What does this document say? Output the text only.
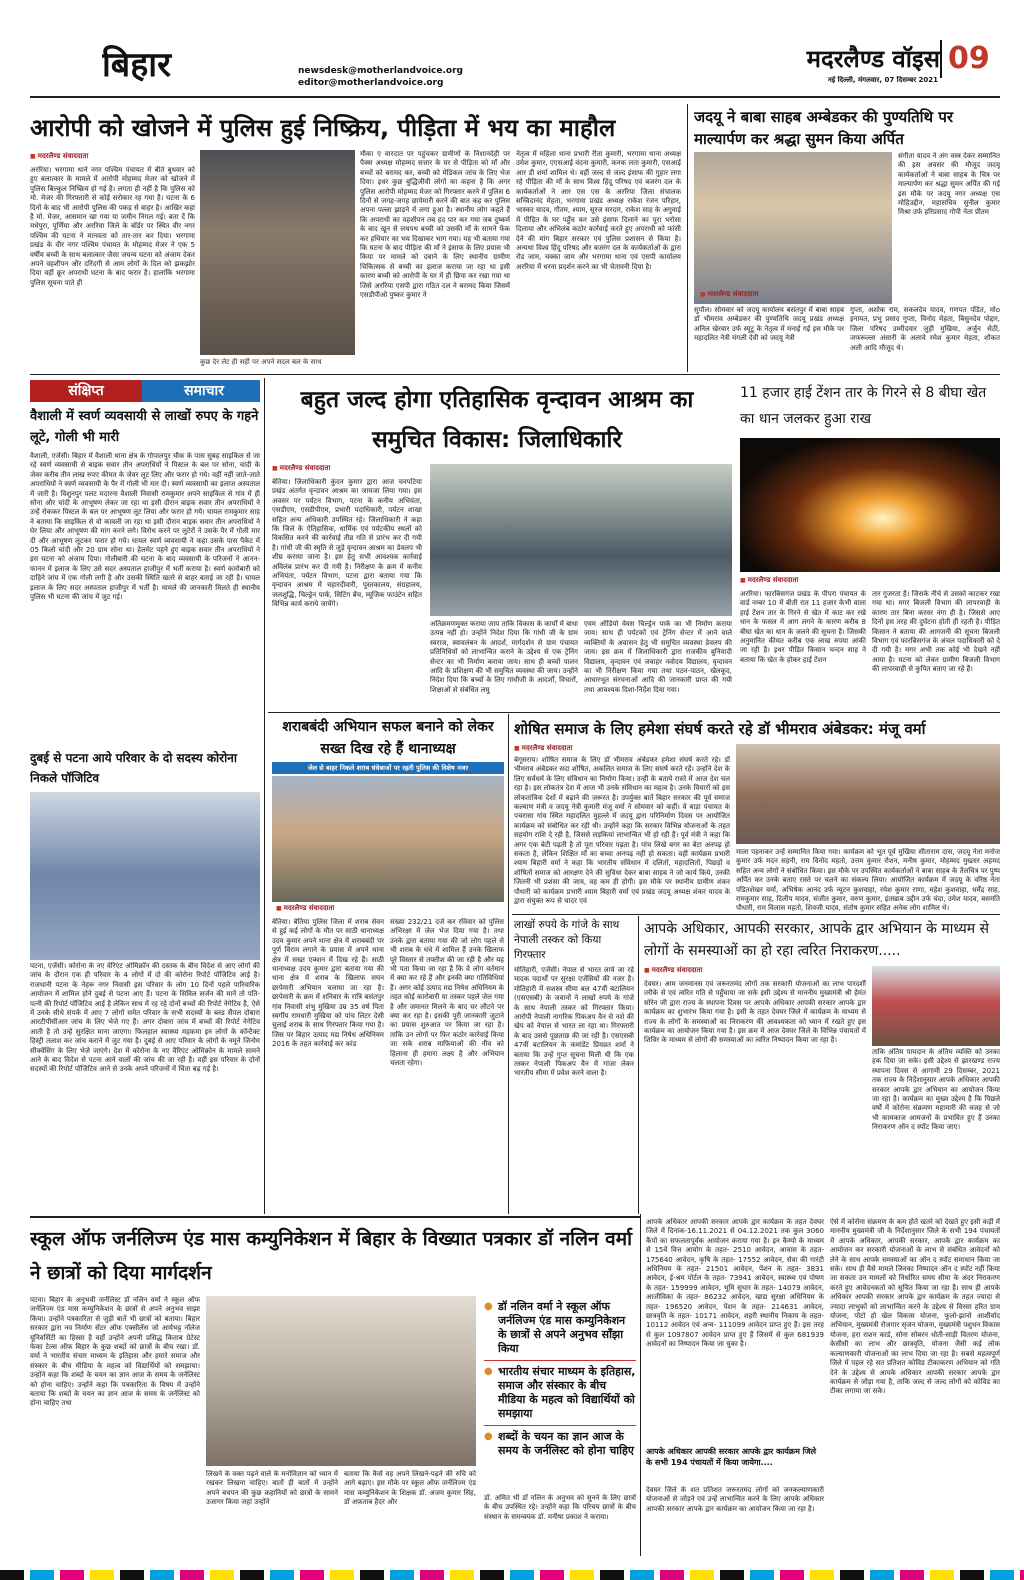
बिहार	newsdesk@motherlandvoice.org
editor@motherlandvoice.org
मदरलैण्ड वॉइस 09
नई दिल्ली, मंगलवार, 07 दिसम्बर 2021
आरोपी को खोजने में पुलिस हुई निष्क्रिय, पीड़िता में भय का माहौल
■ मदरलैण्ड संवाददाता
अररिया। भरगामा थाने नगर पश्चिम पंचायत में बीते बुधवार को हुए बलात्कार के मामले में आरोपी मोहम्मद मेजर को खोजने में पुलिस बिल्कुल निष्क्रिय हो गई है। लगता ही नहीं है कि पुलिस को मो. मेजर की गिरफ्तारी से कोई सरोकार रह गया है। घटना के 6 दिनों के बाद भी आरोपी पुलिस की पकड़ से बाहर है। आखिर कहां है मो. मेजर, आसमान खा गया या जमीन निगल गई। बता दें कि मधेपुरा, पूर्णिया और अररिया जिले के बॉर्डर पर स्थित वीर नगर पश्चिम की घटना ने मानवता को तार-तार कर दिया। भरगामा प्रखंड के वीर नगर पश्चिम पंचायत के मोहम्मद मेजर ने एक 5 वर्षीय बच्ची के साथ बलात्कार जैसा जघन्य घटना को अंजाम देकर अपने वहशीपन और दरिंदगी से आम लोगों के दिल को झकझोर दिया वहीं क्रूर अपराधी घटना के बाद फरार है। हालांकि भरगामा पुलिस सूचना पाते ही
कुछ देर लेट ही सही पर अपने सदल बल के साथ
मौका ए वारदात पर पहुंचकर ग्रामीणों के निशानदेही पर पैक्स अध्यक्ष मोहम्मद सत्तार के घर से पीड़िता को माँ और बच्चों को बरामद कर, बच्ची को मेडिकल जांच के लिए भेज दिया। इधर कुछ बुद्धिजीवी लोगों का कहना है कि अगर पुलिस आरोपी मोहम्मद मेजर को गिरफ्तार करने में पुलिस 6 दिनों से जगह-जगह छापेमारी करने की बात कह कर पुलिस अपना पल्ला झाड़ने में लगा हुआ है। स्थानीय लोग कहते हैं कि अपराधी का वहशीपन तब हद पार कर गया जब दुष्कर्म के बाद खून से लथपथ बच्ची को उसकी माँ के सामने फेंक कर हथियार का भय दिखाकर भाग गया। यह भी बताया गया कि घटना के बाद पीड़िता की माँ ने इंसाफ के लिए प्रयास भी किया पर मामले को दबाने के लिए स्थानीय ग्रामीण चिकित्सक से बच्ची का इलाज कराया जा रहा था इसी कारण बच्ची को आरोपी के घर में ही छिपा कर रखा गया था जिसे अररिया एसपी द्वारा गठित दल ने बरामद किया जिसमें एसडीपीओ पुष्कर कुमार ने
नेतृत्व में महिला थाना प्रभारी रीता कुमारी, भरगामा थाना अध्यक्ष उमेश कुमार, एएसआई वंदना कुमारी, कनक लता कुमारी, एसआई आर डी शर्मा शामिल थे। वहीं जल्द से जल्द इंसाफ की गुहार लगा रहे पीड़िता की माँ के साथ विश्व हिंदू परिषद एवं बजरंग दल के कार्यकर्ताओं ने आर एस एस के अररिया जिला संचालक सच्चिदानंद मेहता, भरगामा प्रखंड अध्यक्ष राकेश रंजन परिहार, भास्कर यादव, गौतम, श्याम, सूरज सरदार, राकेश साह के अगुवाई में पीड़ित के घर पहुँच कर उसे इंसाफ दिलाने का पूरा भरोसा दिलाया और अभिलंब कठोर कार्रवाई करते हुए अपराधी को फांसी देने की मांग बिहार सरकार एवं पुलिस प्रशासन से किया है। अन्यथा विश्व हिंदू परिषद और बजरंग दल के कार्यकर्ताओं के द्वारा रोड जाम, चक्का जाम और भरगामा थाना एवं एसपी कार्यालय अररिया में धरना प्रदर्शन करने का भी चेतावनी दिया है।
जदयू ने बाबा साहब अम्बेडकर की पुण्यतिथि पर माल्यार्पण कर श्रद्धा सुमन किया अर्पित
■ मदरलैण्ड संवाददाता
संगीता यादव ने अंग वस्त्र देकर सम्मानित की इस अवसर की मौजूद जदयू कार्यकर्ताओं ने बाबा साहब के चित्र पर माल्यार्पण कर श्रद्धा सुमन अर्पित की गई इस मौके पर जदयू नगर अध्यक्ष एस मोहिउद्दीन, महासचिव सुनील कुमार मिश्रा उर्फ हरिप्रसाद गोपी नेता प्रीतम
सुपौल। सोमवार को जदयू कार्यालय बसंतपुर में बाबा साहब डॉ भीमराव अम्बेडकर की पुण्यतिथि जदयू प्रखंड अध्यक्ष अनिल खेरवार उर्फ स्मूटू के नेतृत्व में मनाई गई इस मौके पर महादलित नेत्री मंगली देवी को जदयू नेत्री
गुप्ता, अशोक राम, सकलदेव यादव, गणपत पंडित, मोo इनायत, प्रभु प्रसाद गुप्ता, विनोद मेहता, बिसुनदेव पोद्दार, जिला परिषद उम्मीदवार जुही मुखिया, अर्जुन सेठी, जफरूल्ला अंसारी के अलावे रमेश कुमार मेहता, शौकत अली आदि मौजूद थे।
संक्षिप्त	समाचार
वैशाली में स्वर्ण व्यवसायी से लाखों रुपए के गहने लूटे, गोली भी मारी
वैशाली, एजेंसी। बिहार में वैशाली थाना क्षेत्र के गोपालपुर चौक के पास सुबह साइकिल से जा रहे स्वर्ण व्यवसायी से बाइक सवार तीन अपराधियों ने पिस्टल के बल पर सोना, चांदी के जेवर करीब तीन लाख रुपए कीमत के जेवर लूट लिए और फरार हो गये। वहीं नहीं जाते-जाते अपराधियों ने स्वर्ण व्यवसायी के पैर में गोली भी मार दी। स्वर्ण व्यवसायी का इलाज अस्पताल में जारी है। विशुनपुर पलट मदारना वैशाली निवासी रामकुमार अपने साइकिल से गांव में ही सोना और चांदी के आभूषण लेकर जा रहा था इसी दौरान बाइक सवार तीन अपराधियों ने उन्हें रोककर पिस्टल के बल पर आभूषण लूट लिया और फरार हो गये। घायल रामकुमार साह ने बताया कि साइकिल से वो कावली जा रहा था इसी दौरान बाइक सवार तीन अपराधियों ने घेर लिया और आभूषण की मांग करने लगे। विरोध करने पर लुटेरों ने उसके पैर में गोली मार दी और आभूषण लूटकर फरार हो गये। घायल स्वर्ण व्यवसायी ने कहा उसके पास पैकेट में 05 किलो चांदी और 20 ग्राम सोना था। हेलमेट पहने हुए बाइक सवार तीन अपराधियों ने इस घटना को अंजाम दिया। गोलीबारी की घटना के बाद व्यवसायी के परिजनों ने आनन-फानन में इलाज के लिए उसे सदर अस्पताल हाजीपुर में भर्ती कराया है। स्वर्ण कारोबारी को दाहिने जांघ में एक गोली लगी है और उसकी स्थिति खतरे से बाहर बताई जा रही है। घायल इलाज के लिए सदर अस्पताल हाजीपुर में भर्ती है। मामले की जानकारी मिलते ही स्थानीय पुलिस भी घटना की जांच में जुट गई।
दुबई से पटना आये परिवार के दो सदस्य कोरोना निकले पॉजिटिव
पटना, एजेंसी। कोरोना के नए वेरिएंट ओमिक्रॉन की दस्तक के बीच विदेश से आए लोगों की जांच के दौरान एक ही परिवार के 4 लोगों में दो की कोरोना रिपोर्ट पॉजिटिव आई है। राजधानी पटना के नेहरू नगर निवासी इस परिवार के लोग 10 दिनों पहले पारिवारिक आयोजन में शामिल होने दुबई से पटना आए हैं। पटना के सिविल सर्जन की मानें तो पति-पत्नी की रिपोर्ट पॉजिटिव आई है लेकिन साथ में रह रहे दोनों बच्चों की रिपोर्ट नेगेटिव है, ऐसे में उनके सीधे संपर्क में आए 7 लोगों समेत परिवार के सभी सदस्यों के ब्लड सैंपल दोबारा आरटीपीसीआर जांच के लिए भेजे गए हैं। अगर दोबारा जांच में बच्चों की रिपोर्ट नेगेटिव आती है तो उन्हें सुरक्षित माना जाएगा। फिलहाल स्वास्थ्य महकमा इन लोगों के कॉन्टैक्ट हिस्ट्री तलाश कर जांच कराने में जुट गया है। दुबई से आए परिवार के लोगों के नमूने जिनोम सीक्वेंसिंग के लिए भेजे जाएंगे। देश में कोरोना के नए वैरिएंट ओमिक्रोन के मामले सामने आने के बाद विदेश से पटना आने वालों की जांच की जा रही है। वहीं इस परिवार के दोनों सदस्यों की रिपोर्ट पॉजिटिव आने से उनके अपने परिजनों में चिंता बढ़ गई है।
बहुत जल्द होगा एतिहासिक वृन्दावन आश्रम का समुचित विकास: जिलाधिकारि
■ मदरलैण्ड संवाददाता
बेतिया। जिलाधिकारी कुंदन कुमार द्वारा आज चनपटिया प्रखंड अंतर्गत वृन्दावन आश्रम का जायजा लिया गया। इस अवसर पर पर्यटन विभाग, पटना के कनीय अभियंता, एसडीएम, एसडीपीएम, प्रभारी पदाधिकारी, पर्यटन शाखा सहित अन्य अधिकारी उपस्थित रहे। जिलाधिकारी ने कहा कि जिले के ऐतिहासिक, धार्मिक एवं पर्यटकीय स्थलों को विकसित करने की कार्रवाई तीव्र गति से प्रारंभ कर दी गयी है। गांधी जी की स्मृति से जुड़े वृन्दावन आश्रम का डेवलप भी शीघ्र कराया जाना है। इस हेतु सभी आवश्यक कार्रवाई अविलंब प्रारंभ कर दी गयी है। निरीक्षण के क्रम में कनीय अभियंता, पर्यटन विभाग, पटना द्वारा बताया गया कि वृन्दावन आश्रम में चहारदीवारी, पुस्तकालय, संग्रहालय, जलशुद्धि, चिल्ड्रेन पार्क, सिटिंग बेंच, म्यूजिक फाउंटेन सहित विभिन्न कार्य कराये जायेंगे।
अतिक्रमणमुक्त कराया जाय ताकि विकास के कार्यों में बाधा उत्पन्न नहीं हो। उन्होंने निदेश दिया कि गांधी जी के ग्राम स्वराज, स्वावलंबन के आदर्श, मार्गदर्शन से ग्राम पंचायत प्रतिनिधियों को लाभान्वित कराने के उद्देश्य से एक ट्रेनिंग सेन्टर का भी निर्माण कराया जाय। साथ ही बच्चों पालन आदि के प्रशिक्षण की भी समुचित व्यवस्था की जाय। उन्होंने निदेश दिया कि बच्चों के लिए गांधीजी के आदर्शों, विचारों, शिक्षाओं से संबंधित लघु
एवम ऑडियो वेवस चिल्ड्रेन पार्क का भी निर्माण कराया जाय। साथ ही पर्यटकों एवं ट्रेनिंग सेन्टर में आने वाले व्यक्तियों के अवासन हेतु भी समुचित व्यवस्था डेवलप की जाय। इस क्रम में जिलाधिकारी द्वारा राजकीय बुनियादी विद्यालय, वृन्दावन एवं जवाहर नवोदय विद्यालय, वृन्दावन का भी निरीक्षण किया गया तथा पठन-पाठन, खेलकूद, आधारभूत संरचनाओं आदि की जानकारी प्राप्त की गयी तथा आवश्यक दिशा-निर्देश दिया गया।
11 हजार हाई टेंशन तार के गिरने से 8 बीघा खेत का धान जलकर हुआ राख
■ मदरलैण्ड संवाददाता
अररिया। फारबिसगंज प्रखंड के पीपरा पंचायत के वार्ड नम्बर 10 में बीती रात 11 हजार केभी वाला हाई टेंशन तार के गिरने से खेत में काट कर रखे धान के फसल में आग लगने के कारण करीब 8 बीघा खेत का धान के जलने की सूचना है। जिसकी अनुमानित कीमत करीब एक लाख रुपया आंकी जा रही है। इधर पीड़ित किसान चन्दन साह ने बताया कि खेत के होकर हाई टेंशन
तार गुजरता है। जिसके नीचे से उसको काटकर रखा गया था। मगर बिजली विभाग की लापरवाही के कारण तार बिना करवर नंगा ही है। जिससे आए दिनों इस तरह की दुर्घटना होती ही रहती है। पीड़ित किसान ने बताया की आगजनी की सूचना बिजली विभाग एवं फारबिसगंज के अंचल पदाधिकारी को दे दी गयी है। मगर अभी तक कोई भी देखने नहीं आया है। घटना को लेकर ग्रामीण बिजली विभाग की लापरवाही से कुपित बताए जा रहे हैं।
शराबबंदी अभियान सफल बनाने को लेकर सख्त दिख रहे हैं थानाध्यक्ष
जेल से बाहर निकले शराब धंधेबाजों पर रहती पुलिस की विशेष नजर
■ मदरलैण्ड संवाददाता
बेतिया। बेतिया पुलिस जिला में शराब सेवन से हुई कई लोगों के मौत पर साठी थानाध्यक्ष उदय कुमार अपने थाना क्षेत्र में शराबबंदी पर पूर्ण विराम लगाने के प्रयास में अपने थाना क्षेत्र में सख्त एक्शन में दिख रहे हैं। साठी थानाध्यक्ष उदय कुमार द्वारा बताया गया की थाना क्षेत्र में शराब के खिलाफ सघन छापेमारी अभियान चलाया जा रहा है। छापेमारी के क्रम में शनिवार के रात्रि बसंतपुर गांव निवासी शंभु मुखिया उम्र 35 वर्ष पिता स्वर्गीय रामधारी मुखिया को पांच लिटर देसी चुलाई शराब के साथ गिरफ्तार किया गया है। जिस पर बिहार उत्पाद मद्य निषेध अधिनियम 2016 के तहत कार्रवाई कर कांड
संख्या 232/21 दर्ज कर रविवार को पुलिस अभिरक्षा में जेल भेज दिया गया है। तथा उनके द्वारा बताया गया की जो लोग पहले से भी शराब के धंधे में शामिल हैं उनके खिलाफ पूरे विस्तार से तफ्तीश की जा रही है और यह भी पता किया जा रहा है कि वे लोग वर्तमान में क्या कर रहे हैं और इनकी क्या गतिविधियां हैं। अगर कोई उत्पाद मद्य निषेध अधिनियम के तहत कोई कारोबारी या तस्कर पहले जेल गया है और जमानत मिलने के बाद घर लौटने पर क्या कर रहा है। इसकी पूरी जानकारी जुटाने का प्रयास शुरुआत पर किया जा रहा है। ताकि उन लोगों पर फिर कठोर कार्रवाई किया जा सके शराब माफियाओं की नींव को हिलाना ही हमारा लक्ष्य है और अभियान चलता रहेगा।
शोषित समाज के लिए हमेशा संघर्ष करते रहे डॉ भीमराव अंबेडकर: मंजू वर्मा
■ मदरलैण्ड संवाददाता
बेगूसराय। शोषित समाज के लिए डॉ भीमराव अंबेडकर हमेशा संघर्ष करते रहे। डॉ भीमराव अंबेडकर सदा शोषित, अकलित समाज के लिए संघर्ष करते रहें। उन्होंने देश के लिए सर्वधर्म के लिए संविधान का निर्माण किया। उन्हीं के बताये रास्ते में आज देश चल रहा है। इस लोकतंत्र देश में आज भी उनके संविधान का महत्व है। उनके विचारों को इस लोकतांत्रिक देशों में बढ़ाने की जरूरत है। उपर्युक्त बातें बिहार सरकार की पूर्व समाज कल्याण मंत्री व जदयू नेत्री कुमारी मंजू वर्मा ने सोमवार को कहीं। वे बाड़ा पंचायत के पचरासा गांव स्थित महादलित मुहल्ले में जदयू द्वारा परिनिर्माण दिवस पर आयोजित कार्यक्रम को संबोधित कर रही थी। उन्होंने कहा कि सरकार विभिन्न योजनाओं के तहत सहयोग राशि दे रही है, जिससे लड़कियां लाभान्वित भी हो रही हैं। पूर्व मंत्री ने कहा कि अगर एक बेटी पढ़ती है तो पूरा परिवार पढ़ता है। पांच लिखे बगर का बेटा अनपढ़ हो सकता है, लेकिन शिक्षित माँ का बच्चा अनपढ़ नहीं हो सकता। वहीं कार्यक्रम प्रभारी श्याम बिहारी वर्मा ने कहा कि भारतीय संविधान में दलितों, महादलितों, पिछड़ों व शोषितों समाज को आरक्षण देने की सुविधा देकर बाबा साहब ने जो कार्य किये, उनकी जितनी भी प्रशंसा की जाय, वह कम ही होगी। इस मौके पर स्थानीय ग्रामीण शंकर पौधारी को कार्यक्रम प्रभारी श्याम बिहारी वर्मा एवं प्रखंड जदयू अध्यक्ष शंकर यादव के द्वारा संयुक्त रूप से चादर एवं
माला पहनाकर उन्हें सम्मानित किया गया। कार्यक्रम को भूत पूर्व मुखिया सीताराम दास, जदयू नेता मनोज कुमार उर्फ मदन सहनी, राम विनोद महतो, उत्तम कुमार रोशन, मनीष कुमार, मोहम्मद मुख्तार अहमद सहित अन्य लोगों ने संबोधित किया। इस मौके पर उपस्थित कार्यकर्ताओं ने बाबा साहब के तैलचित्र पर पुष्प अर्पित कर उनके बताए रास्ते पर चलने का संकल्प लिया। आयोजित कार्यक्रम में जदयू के वरिष्ठ नेता पंडितशेखर वर्मा, अभिषेक आनंद उर्फ न्यूटन कुशवाहा, रमेश कुमार राणा, महेश कुशवाहा, धर्मेंद्र साह, रामकुमार साह, दिलीप यादव, संजीत कुमार, वरुण कुमार, इंतखाब उद्दीन उर्फ चंदा, उमेश यादव, बसमति पौधारी, राम विलास महतो, शिवजी यादव, संतोष कुमार सहित अनेक लोग शामिल थे।
लाखों रुपये के गांजे के साथ नेपाली तस्कर को किया गिरफ्तार
मोतिहारी, एजेंसी। नेपाल से भारत लाये जा रहे मादक पदार्थों पर सुरक्षा एजेंसियों की नजर है। मोतिहारी में सशस्त्र सीमा बल 47वीं बटालियन (एसएसबी) के जवानों ने लाखों रुपये के गांजे के साथ नेपाली तस्कर को गिरफ्तार किया। आरोपी नेपाली नागरिक पिकअप वैन से नशे की खेप को नेपाल से भारत ला रहा था। गिरफ्तारी के बाद उससे पूछताछ की जा रही है। एसएसबी 47वीं बटालियन के कमांडेंट प्रियव्रत शर्मा ने बताया कि उन्हें गुप्त सूचना मिली थी कि एक तस्कर नेपाली पिकअप वैन में गांजा लेकर भारतीय सीमा में प्रवेश करने वाला है।
आपके अधिकार, आपकी सरकार, आपके द्वार अभियान के माध्यम से लोगों के समस्याओं का हो रहा त्वरित निराकरण.....
■ मदरलैण्ड संवाददाता
ताकि अंतिम पायदान के अंतिम व्यक्ति को उनका हक दिया जा सके। इसी उद्देश्य से झारखण्ड राज्य स्थापना दिवस से आगामी 29 दिसम्बर, 2021 तक राज्य के निर्देशानुसार आपके अधिकार आपकी सरकार आपके द्वार अभियान का आयोजन किया जा रहा है। कार्यक्रम का मुख्य उद्देश्य है कि पिछले वर्षों में कोरोना संक्रमण महामारी की वजह से जो भी कामकाज आमजनों के प्रभावित हुए हैं उनका निराकरण ऑन द स्पॉट किया जाए।
देवघर। आम जनमानस एवं जरूरतमंद लोगों तक सरकारी योजनाओं का लाभ पारदर्शी तरीके से एवं त्वरित गति से पहुँचाया जा सके इसी उद्देश्य से माननीय मुख्यमंत्री श्री हेमंत सोरेन जी द्वारा राज्य के स्थापना दिवस पर आपके अधिकार आपकी सरकार आपके द्वार कार्यक्रम का शुभारंभ किया गया है। इसी के तहत देवघर जिले में कार्यक्रम के माध्यम से राज्य के लोगों के समस्याओं का निराकरण की आवश्यकता को ध्यान में रखते हुए इस कार्यक्रम का आयोजन किया गया है। इस क्रम में आज देवघर जिले के विभिन्न पंचायतों में शिविर के माध्यम से लोगों की समस्याओं का त्वरित निष्पादन किया जा रहा है।
स्कूल ऑफ जर्नलिज्म एंड मास कम्युनिकेशन में बिहार के विख्यात पत्रकार डॉ नलिन वर्मा ने छात्रों को दिया मार्गदर्शन
पटना। बिहार के अनुभवी जर्नलिस्ट डॉ नलिन वर्मा ने स्कूल ऑफ जर्नलिज्म एंड मास कम्युनिकेशन के छात्रों से अपने अनुभव साझा किया। उन्होंने पत्रकारिता से जुड़ी बातें भी छात्रों को बताया। बिहार सरकार द्वारा नव निर्माण सेंटर ऑफ एक्सीलेंस जो आर्यभट्ट नॉलेज यूनिवर्सिटी का हिस्सा है वहाँ उन्होंने अपनी प्रसिद्ध किताब ग्रेटेस्ट फेका टेल्स ऑफ बिहार के कुछ शब्दों को छात्रों के बीच रखा। डॉ. वर्मा ने भारतीय संचार माध्यम के इतिहास और हमारे समाज और संस्कार के बीच मीडिया के महत्व को विद्यार्थियों को समझाया। उन्होंने कहा कि शब्दों के चयन का ज्ञान आज के समय के जर्नलिस्ट को होना चाहिए। उन्होंने कहा कि पत्रकारिता के विषय में उन्होंने बताया कि शब्दों के चयन का ज्ञान आज के समय के जर्नलिस्ट को होना चाहिए तथा
लिखने के वक्त पढ़ने वाले के मनोविज्ञान को ध्यान में रखकर लिखना चाहिए। बातों ही बातों में उन्होंने अपने बचपन की कुछ कहानियों को छात्रों के सामने उजागर किया जहां उन्होंने
बताया कि कैसे वह अपने लिखने-पढ़ने की रुचि को आगे बढ़ाए। इस मौके पर स्कूल ऑफ जर्नलिज्म एंड मास कम्युनिकेशन के शिक्षक डॉ. अजय कुमार सिंह, डॉ अफ़ताब हैदर और
● डॉ नलिन वर्मा ने स्कूल ऑफ जर्नलिज्म एंड मास कम्युनिकेशन के छात्रों से अपने अनुभव साँझा किया
● भारतीय संचार माध्यम के इतिहास, समाज और संस्कार के बीच मीडिया के महत्व को विद्यार्थियों को समझाया
● शब्दों के चयन का ज्ञान आज के समय के जर्नलिस्ट को होना चाहिए
डॉ. अमित भी डॉ नलिन के अनुभव को सुनने के लिए छात्रों के बीच उपस्थित रहे। उन्होंने कहा कि परिचय छात्रों के बीच संस्थान के समन्वयक डॉ. मनीषा प्रकाश ने कराया।
आपके अधिकार आपकी सरकार आपके द्वार कार्यक्रम के तहत देवघर जिले में दिनांक-16.11.2021 से 04.12.2021 तक कुल 3060 कैंपों का सफलतापूर्वक आयोजन कराया गया है। इन कैम्पो के माध्यम से 15वें वित्त आयोग के तहत- 2510 आवेदन, आवास के तहत- 175640 आवेदन, कृषि के तहत- 17552 आवेदन, सेवा की गारंटी अधिनियम के तहत- 21501 आवेदन, पेंशन के तहत- 3831 आवेदन, ई-श्रम पोर्टल के तहत- 73941 आवेदन, स्वास्थ्य एवं पोषण के तहत- 159999 आवेदन, भूमि सुधार के तहत- 14079 आवेदन, आजीविका के तहत- 86232 आवेदन, खाद्य सुरक्षा अधिनियम के तहत- 196520 आवेदन, पेंशन के तहत- 214631 आवेदन, छात्रवृति के तहत- 10171 आवेदन, शहरी स्थानीय निकाय के तहत- 10112 आवेदन एवं अन्य- 111099 आवेदन प्राप्त हुए हैं। इस तरह से कुल 1097807 आवेदन प्राप्त हुए हैं जिसमें से कुल 681939 आवेदनों का निष्पादन किया जा चुका है।
आपके अधिकार आपकी सरकार आपके द्वार कार्यक्रम जिले के सभी 194 पंचायतों में किया जायेगा....
देवघर जिले के शत प्रतिशत जरूरतमंद लोगों को जनकल्याणकारी योजनाओं से जोड़ने एवं उन्हें लाभान्वित करने के लिए आपके अधिकार आपकी सरकार आपके द्वार कार्यक्रम का आयोजन किया जा रहा है।
ऐसे में कोरोना संक्रमण के कम होते खतरे को देखते हुए इसी कड़ी में माननीय मुख्यमंत्री जी के निर्देशानुसार जिले के सभी 194 पंचायतों में आपके अधिकार, आपकी सरकार, आपके द्वार कार्यक्रम का आयोजन कर सरकारी योजनाओं के लाभ से संबंधित आवेदनों को लेने के साथ आपके समस्याओं का ऑन द स्पॉट समाधान किया जा सके। साथ ही वैसे मामले जिनका निष्पादन ऑन द स्पॉट नहीं किया जा सकता उन मामलों को निर्धारित समय सीमा के अंदर निराकरण करते हुए आवेदनकर्ता को सूचित किया जा रहा है। साथ ही आपके अधिकार आपकी सरकार आपके द्वार कार्यक्रम के तहत ज्यादा से ज्यादा लाभुकों को लाभान्वित करने के उद्देश्य से विरसा हरित ग्राम योजना, पोटो हो खेल विकास योजना, फूलो-झानो आशीर्वाद अभियान, मुख्यमंत्री रोजगार सृजन योजना, मुख्यमंत्री पशुधन विकास योजना, हरा राशन कार्ड, सोना सोबरन धोती-साड़ी वितरण योजना, केसीसी का लाभ और छात्रवृति, योजना जैसी कई लोक कल्याणकारी योजनाओं का लाभ दिया जा रहा है। सबसे महत्वपूर्ण जिले में पहल रहे सत प्रतिशत कोविड टीकाकरण अभियान को गति देने के उद्देश्य से आपके अधिकार आपकी सरकार आपके द्वार कार्यक्रम से जोड़ा गया है, ताकि जल्द से जल्द लोगों को कोविड का टीका लगाया जा सके।
